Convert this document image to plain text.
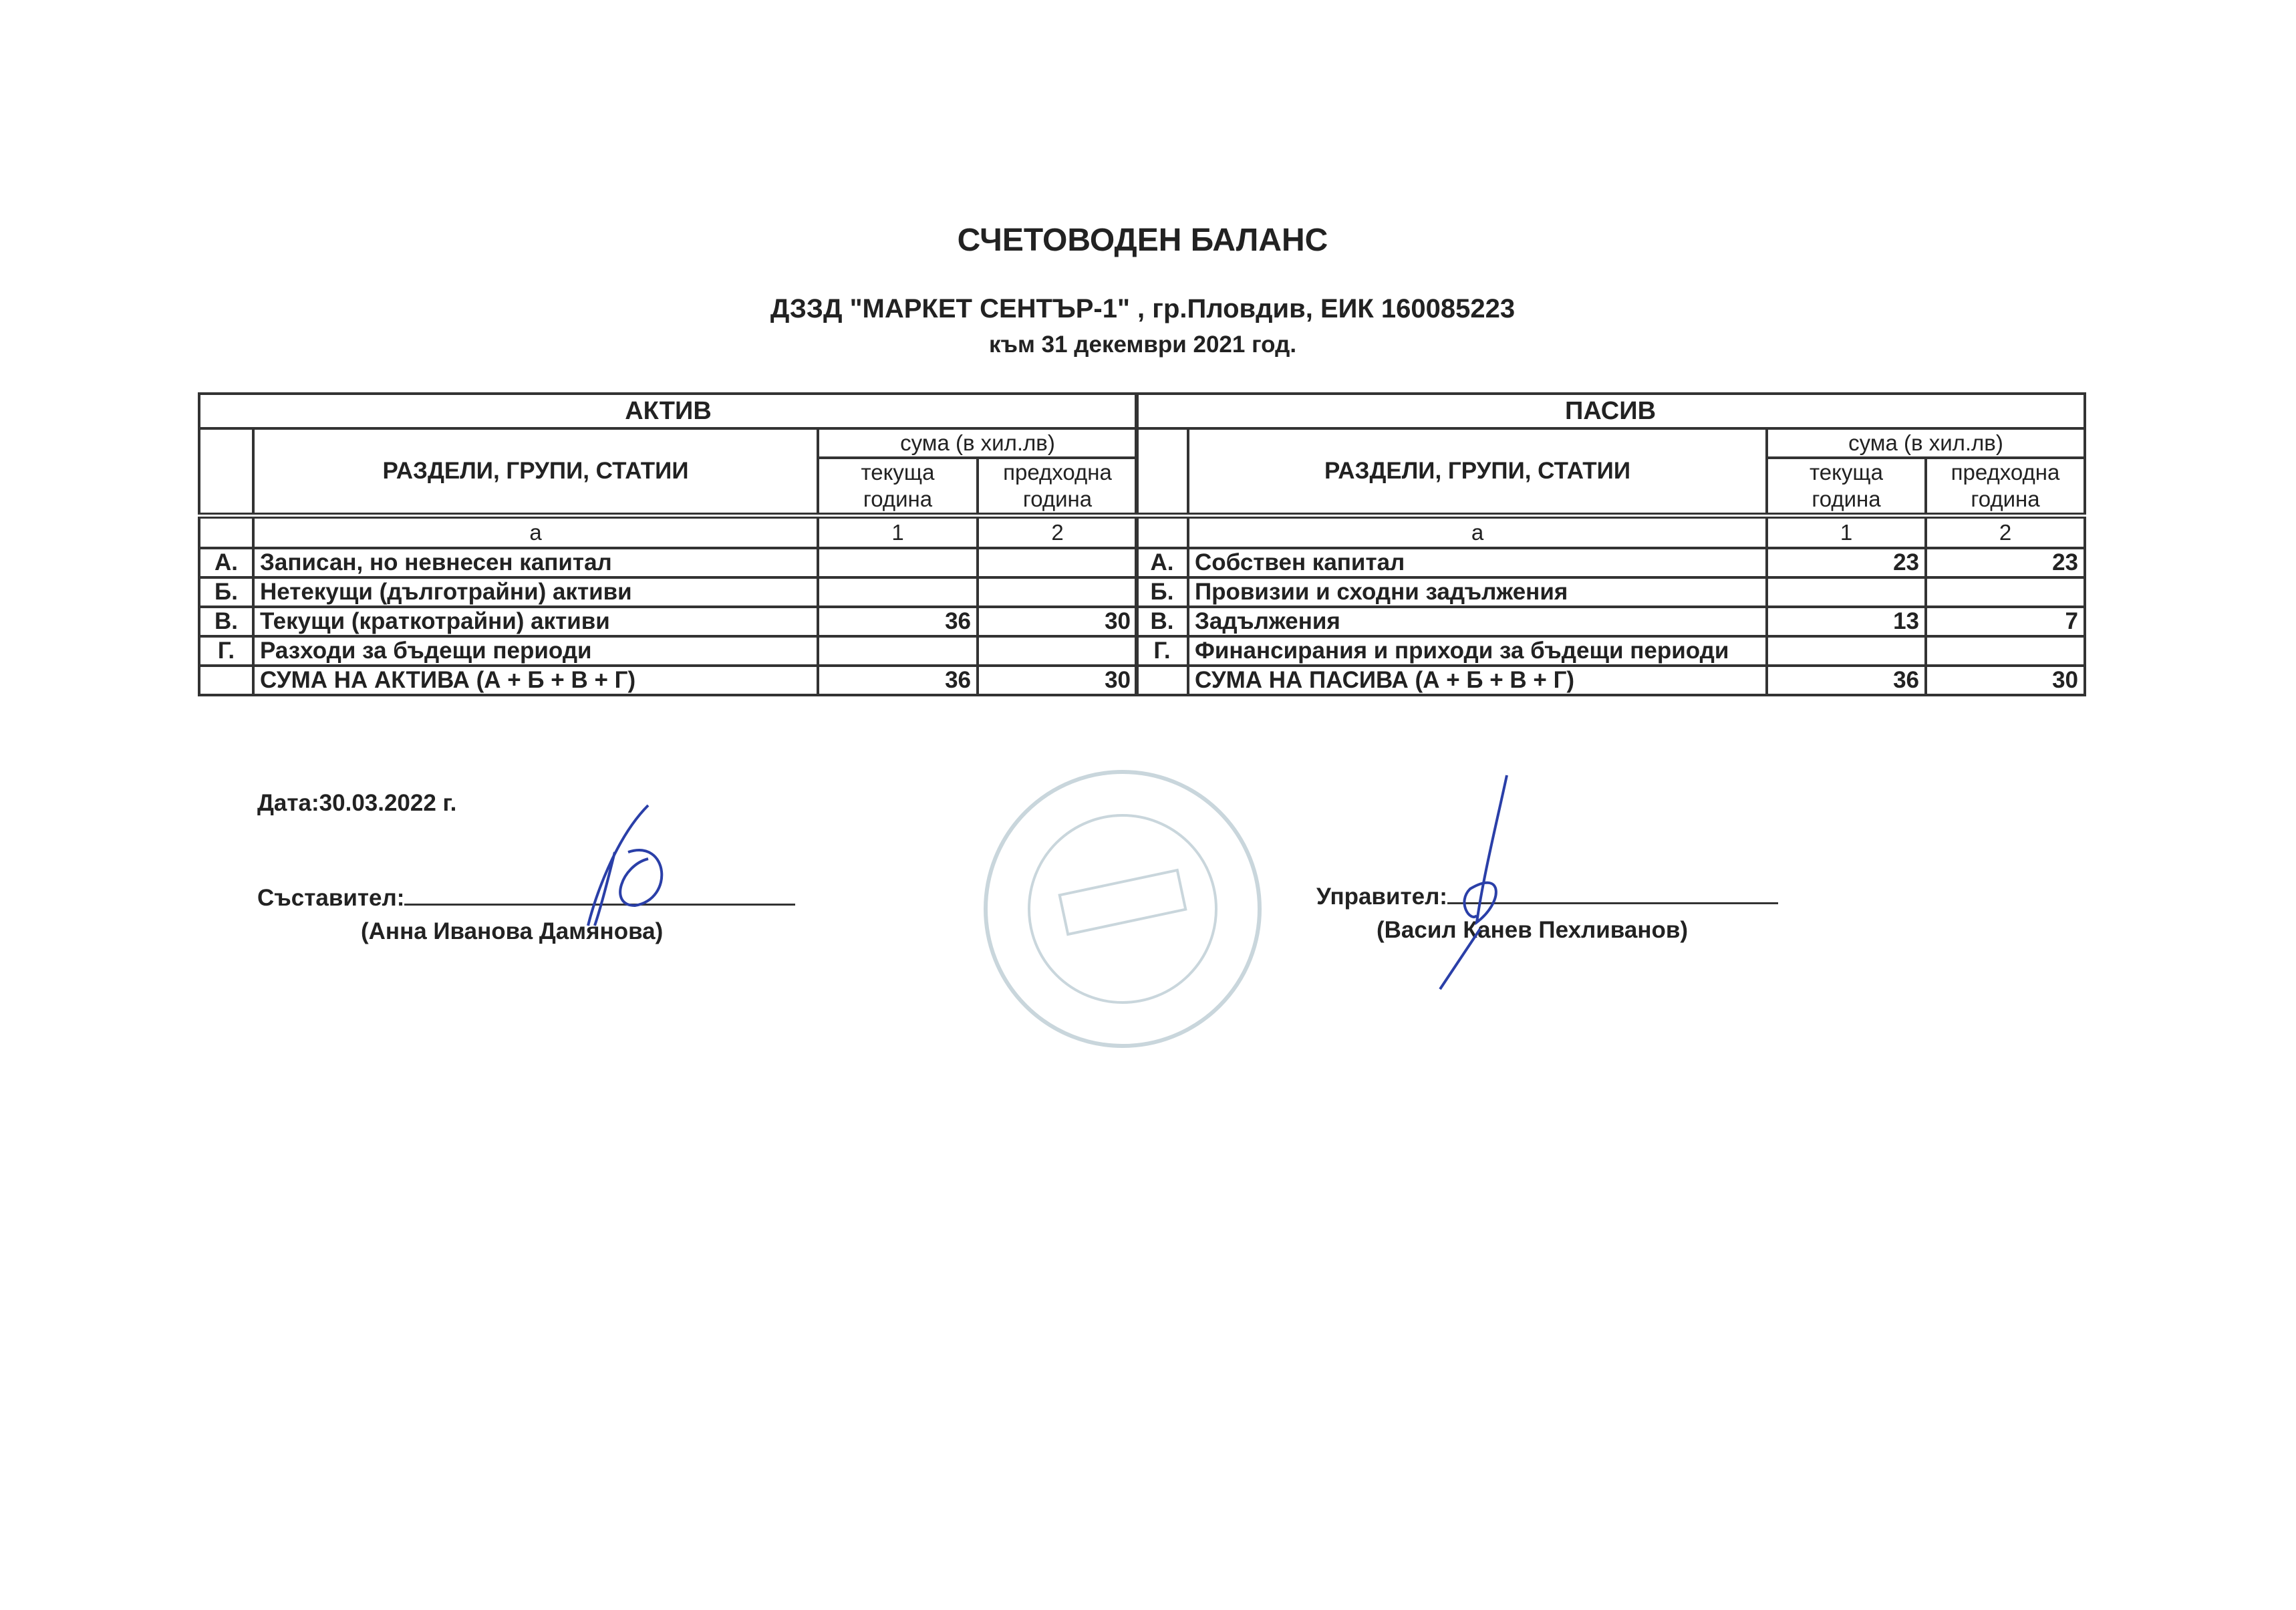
СЧЕТОВОДЕН БАЛАНС
ДЗЗД "МАРКЕТ СЕНТЪР-1" , гр.Пловдив, ЕИК 160085223
към 31 декември 2021 год.
АКТИВ			
	РАЗДЕЛИ, ГРУПИ, СТАТИИ	сума (в хил.лв)	
		текуща година	предходна година
	а	1	2
А.	Записан, но невнесен капитал		
Б.	Нетекущи (дълготрайни) активи		
В.	Текущи (краткотрайни) активи	36	30
Г.	Разходи за бъдещи периоди		
	СУМА НА АКТИВА (А + Б + В + Г)	36	30
ПАСИВ			
	РАЗДЕЛИ, ГРУПИ, СТАТИИ	сума (в хил.лв)	
		текуща година	предходна година
	а	1	2
А.	Собствен капитал	23	23
Б.	Провизии и сходни задължения		
В.	Задължения	13	7
Г.	Финансирания и приходи за бъдещи периоди		
	СУМА НА ПАСИВА (А + Б + В + Г)	36	30
Дата:30.03.2022 г.
Съставител:
(Анна Иванова Дамянова)
Управител:
(Васил Канев Пехливанов)
